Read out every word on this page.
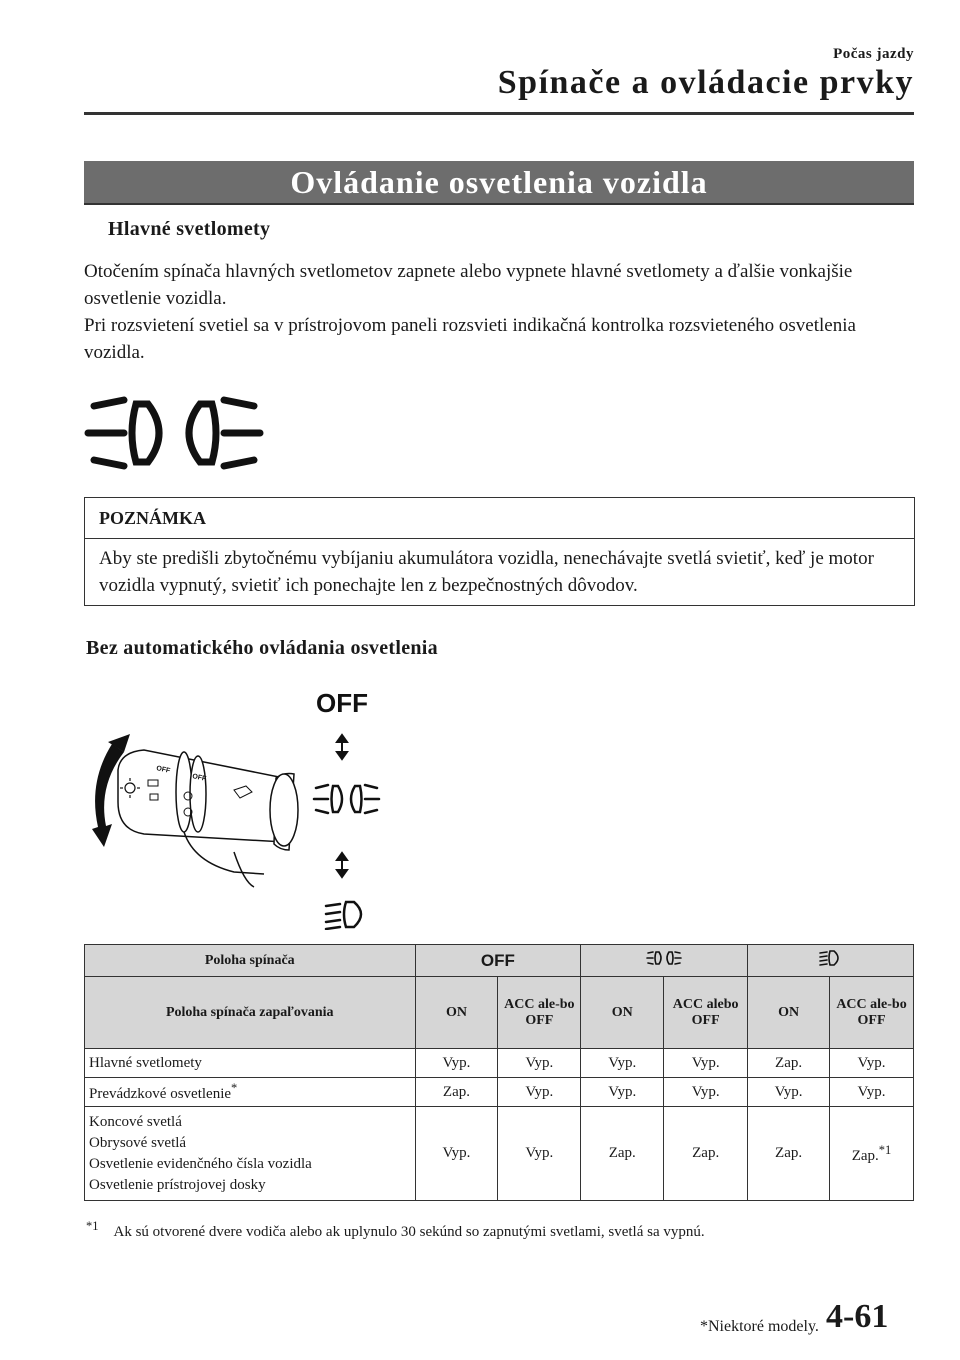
Počas jazdy
Spínače a ovládacie prvky
Ovládanie osvetlenia vozidla
Hlavné svetlomety
Otočením spínača hlavných svetlometov zapnete alebo vypnete hlavné svetlomety a ďalšie vonkajšie osvetlenie vozidla.
Pri rozsvietení svetiel sa v prístrojovom paneli rozsvieti indikačná kontrolka rozsvieteného osvetlenia vozidla.
POZNÁMKA
Aby ste predišli zbytočnému vybíjaniu akumulátora vozidla, nenechávajte svetlá svietiť, keď je motor vozidla vypnutý, svietiť ich ponechajte len z bezpečnostných dôvodov.
Bez automatického ovládania osvetlenia
OFF
OFF
OFF
Poloha spínača	OFF		
Poloha spínača zapaľovania	ON	ACC ale-bo OFF	ON	ACC alebo OFF	ON	ACC ale-bo OFF
Hlavné svetlomety	Vyp.	Vyp.	Vyp.	Vyp.	Zap.	Vyp.
Prevádzkové osvetlenie*	Zap.	Vyp.	Vyp.	Vyp.	Vyp.	Vyp.

Koncové svetlá
Obrysové svetlá
Osvetlenie evidenčného čísla vozidla
Osvetlenie prístrojovej dosky	Vyp.	Vyp.	Zap.	Zap.	Zap.	Zap.$^{*1}$
$^{*1}$ Ak sú otvorené dvere vodiča alebo ak uplynulo 30 sekúnd so zapnutými svetlami, svetlá sa vypnú.
*Niektoré modely. 4-61
